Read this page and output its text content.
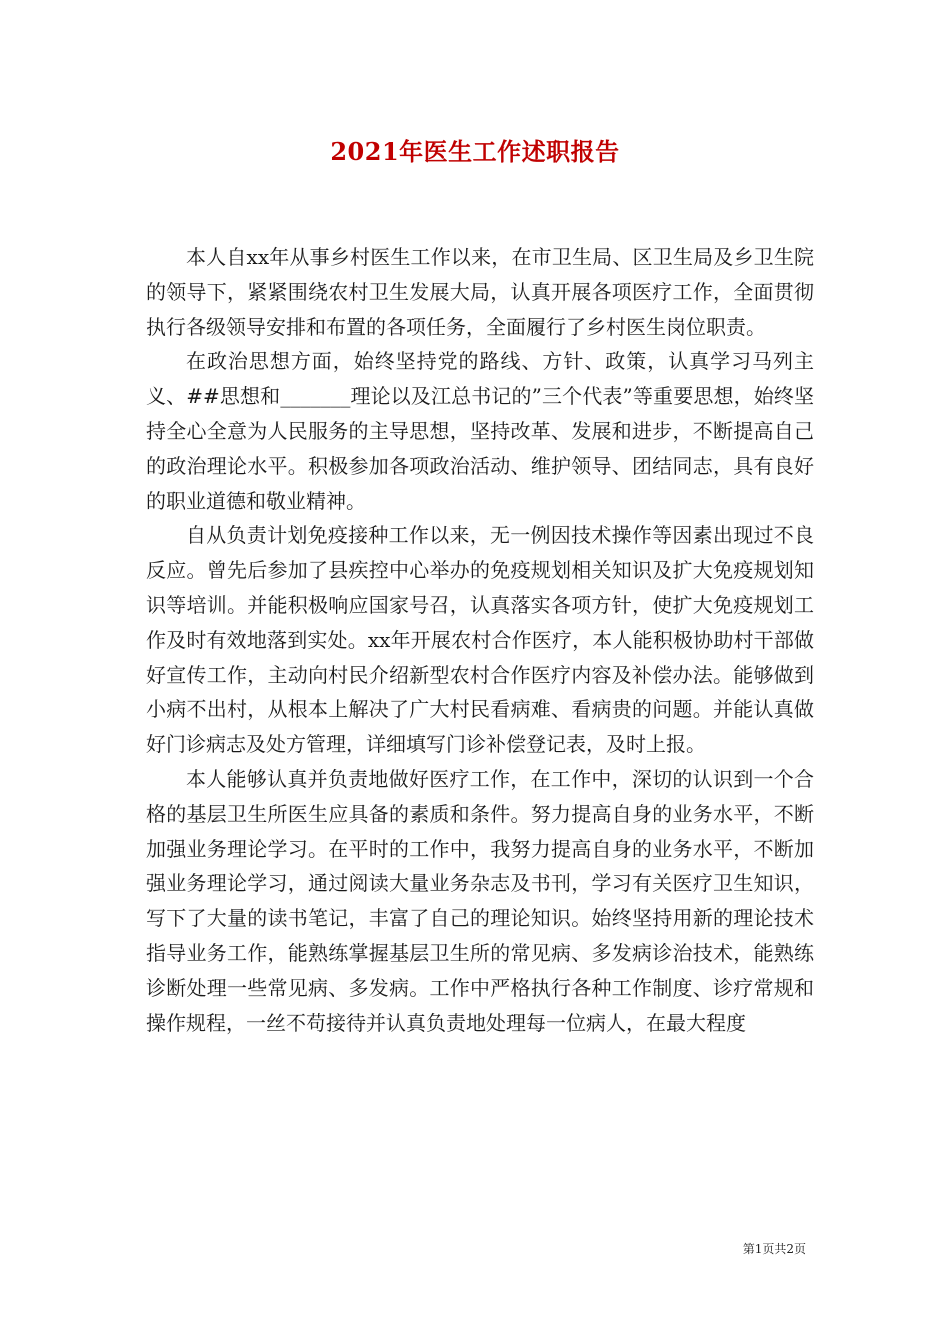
2021年医生工作述职报告

本人自xx年从事乡村医生工作以来，在市卫生局、区卫生局及乡卫生院的领导下，紧紧围绕农村卫生发展大局，认真开展各项医疗工作，全面贯彻执行各级领导安排和布置的各项任务，全面履行了乡村医生岗位职责。

在政治思想方面，始终坚持党的路线、方针、政策，认真学习马列主义、##思想和_______理论以及江总书记的”三个代表”等重要思想，始终坚持全心全意为人民服务的主导思想，坚持改革、发展和进步，不断提高自己的政治理论水平。积极参加各项政治活动、维护领导、团结同志，具有良好的职业道德和敬业精神。

自从负责计划免疫接种工作以来，无一例因技术操作等因素出现过不良反应。曾先后参加了县疾控中心举办的免疫规划相关知识及扩大免疫规划知识等培训。并能积极响应国家号召，认真落实各项方针，使扩大免疫规划工作及时有效地落到实处。xx年开展农村合作医疗，本人能积极协助村干部做好宣传工作，主动向村民介绍新型农村合作医疗内容及补偿办法。能够做到小病不出村，从根本上解决了广大村民看病难、看病贵的问题。并能认真做好门诊病志及处方管理，详细填写门诊补偿登记表，及时上报。

本人能够认真并负责地做好医疗工作，在工作中，深切的认识到一个合格的基层卫生所医生应具备的素质和条件。努力提高自身的业务水平，不断加强业务理论学习。在平时的工作中，我努力提高自身的业务水平，不断加强业务理论学习，通过阅读大量业务杂志及书刊，学习有关医疗卫生知识，写下了大量的读书笔记，丰富了自己的理论知识。始终坚持用新的理论技术指导业务工作，能熟练掌握基层卫生所的常见病、多发病诊治技术，能熟练诊断处理一些常见病、多发病。工作中严格执行各种工作制度、诊疗常规和操作规程，一丝不苟接待并认真负责地处理每一位病人，在最大程度

第1页共2页
